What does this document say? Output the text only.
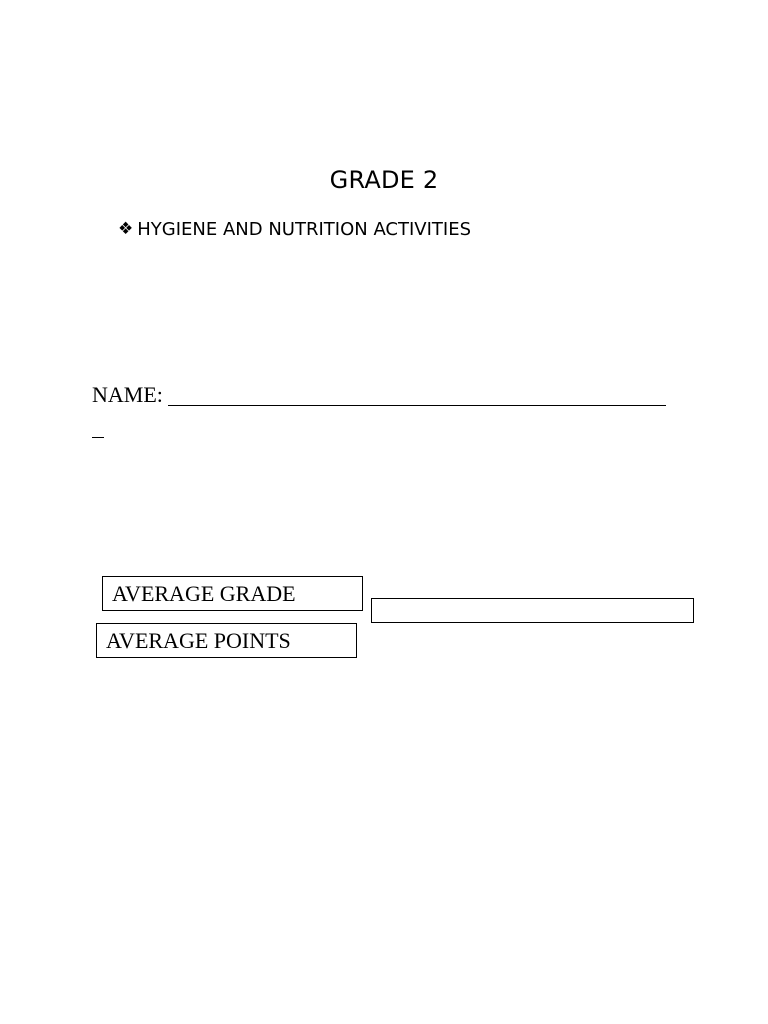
GRADE 2
❖ HYGIENE AND NUTRITION ACTIVITIES
NAME:
AVERAGE GRADE
AVERAGE POINTS
